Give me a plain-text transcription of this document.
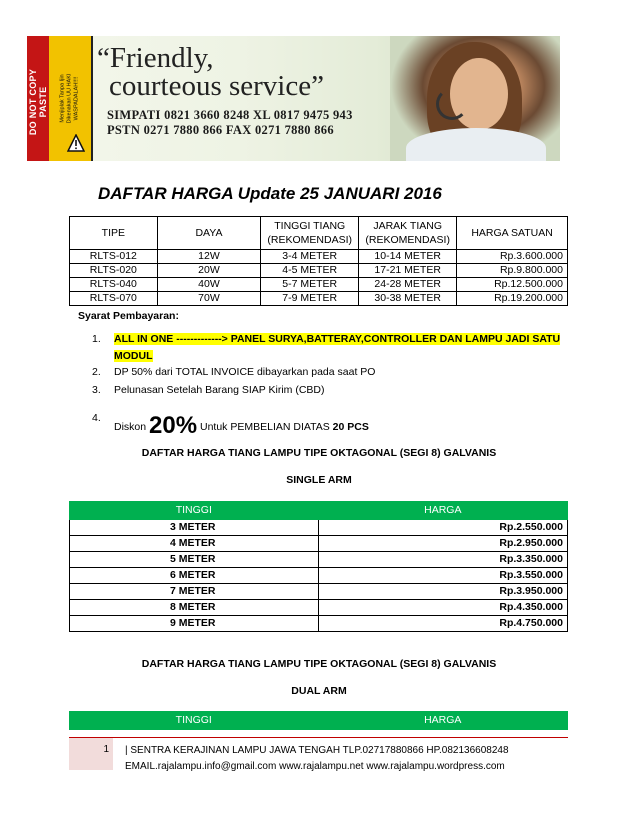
DO NOT COPY PASTE Menjiplak Tanpa Ijin Dikenakan UU HAKI WASPADALAH!!!!
“Friendly,
courteous service”
SIMPATI 0821 3660 8248 XL 0817 9475 943
PSTN 0271 7880 866 FAX 0271 7880 866
DAFTAR HARGA Update 25 JANUARI 2016
TIPE	DAYA	TINGGI TIANG (REKOMENDASI)	JARAK TIANG (REKOMENDASI)	HARGA SATUAN
RLTS-012	12W	3-4 METER	10-14 METER	Rp.3.600.000
RLTS-020	20W	4-5 METER	17-21 METER	Rp.9.800.000
RLTS-040	40W	5-7 METER	24-28 METER	Rp.12.500.000
RLTS-070	70W	7-9 METER	30-38 METER	Rp.19.200.000
Syarat Pembayaran:
1. ALL IN ONE -------------> PANEL SURYA,BATTERAY,CONTROLLER DAN LAMPU JADI SATU
MODUL
2. DP 50% dari TOTAL INVOICE dibayarkan pada saat PO
3. Pelunasan Setelah Barang SIAP Kirim (CBD)
4.
Diskon 20% Untuk PEMBELIAN DIATAS 20 PCS
DAFTAR HARGA TIANG LAMPU TIPE OKTAGONAL (SEGI 8) GALVANIS
SINGLE ARM
TINGGI	HARGA
3 METER	Rp.2.550.000
4 METER	Rp.2.950.000
5 METER	Rp.3.350.000
6 METER	Rp.3.550.000
7 METER	Rp.3.950.000
8 METER	Rp.4.350.000
9 METER	Rp.4.750.000
DAFTAR HARGA TIANG LAMPU TIPE OKTAGONAL (SEGI 8) GALVANIS
DUAL ARM
TINGGI	HARGA
1 | SENTRA KERAJINAN LAMPU JAWA TENGAH TLP.02717880866 HP.082136608248
EMAIL.rajalampu.info@gmail.com www.rajalampu.net www.rajalampu.wordpress.com
